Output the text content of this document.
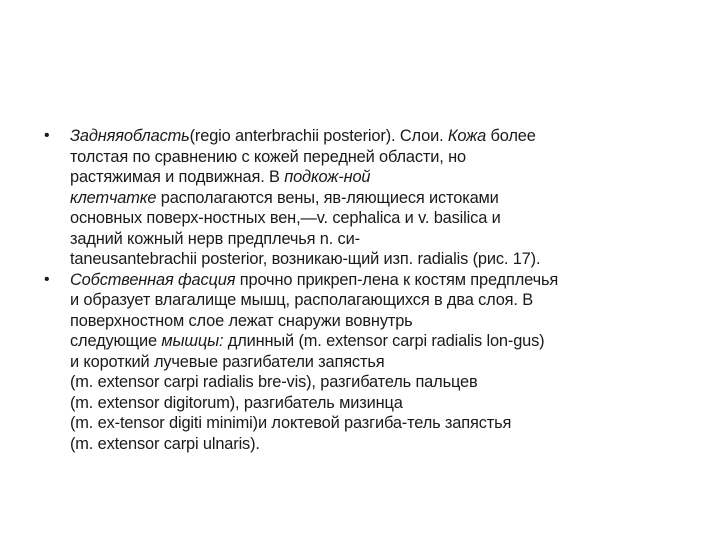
• Задняяобласть(regio anterbrachii posterior). Слои. Кожа более
толстая по сравнению с кожей передней области, но
растяжимая и подвижная. В подкож-ной
клетчатке располагаются вены, яв-ляющиеся истоками
основных поверх-ностных вен,—v. cephalica и v. basilica и
задний кожный нерв предплечья n. си-
taneusantebrachii posterior, возникаю-щий изп. radialis (рис. 17).
• Собственная фасция прочно прикреп-лена к костям предплечья
и образует влагалище мышц, располагающихся в два слоя. В
поверхностном слое лежат снаружи вовнутрь
следующие мышцы: длинный (m. extensor carpi radialis lon-gus)
и короткий лучевые разгибатели запястья
(m. extensor carpi radialis bre-vis), разгибатель пальцев
(m. extensor digitorum), разгибатель мизинца
(m. ex-tensor digiti minimi)и локтевой разгиба-тель запястья
(m. extensor carpi ulnaris).
